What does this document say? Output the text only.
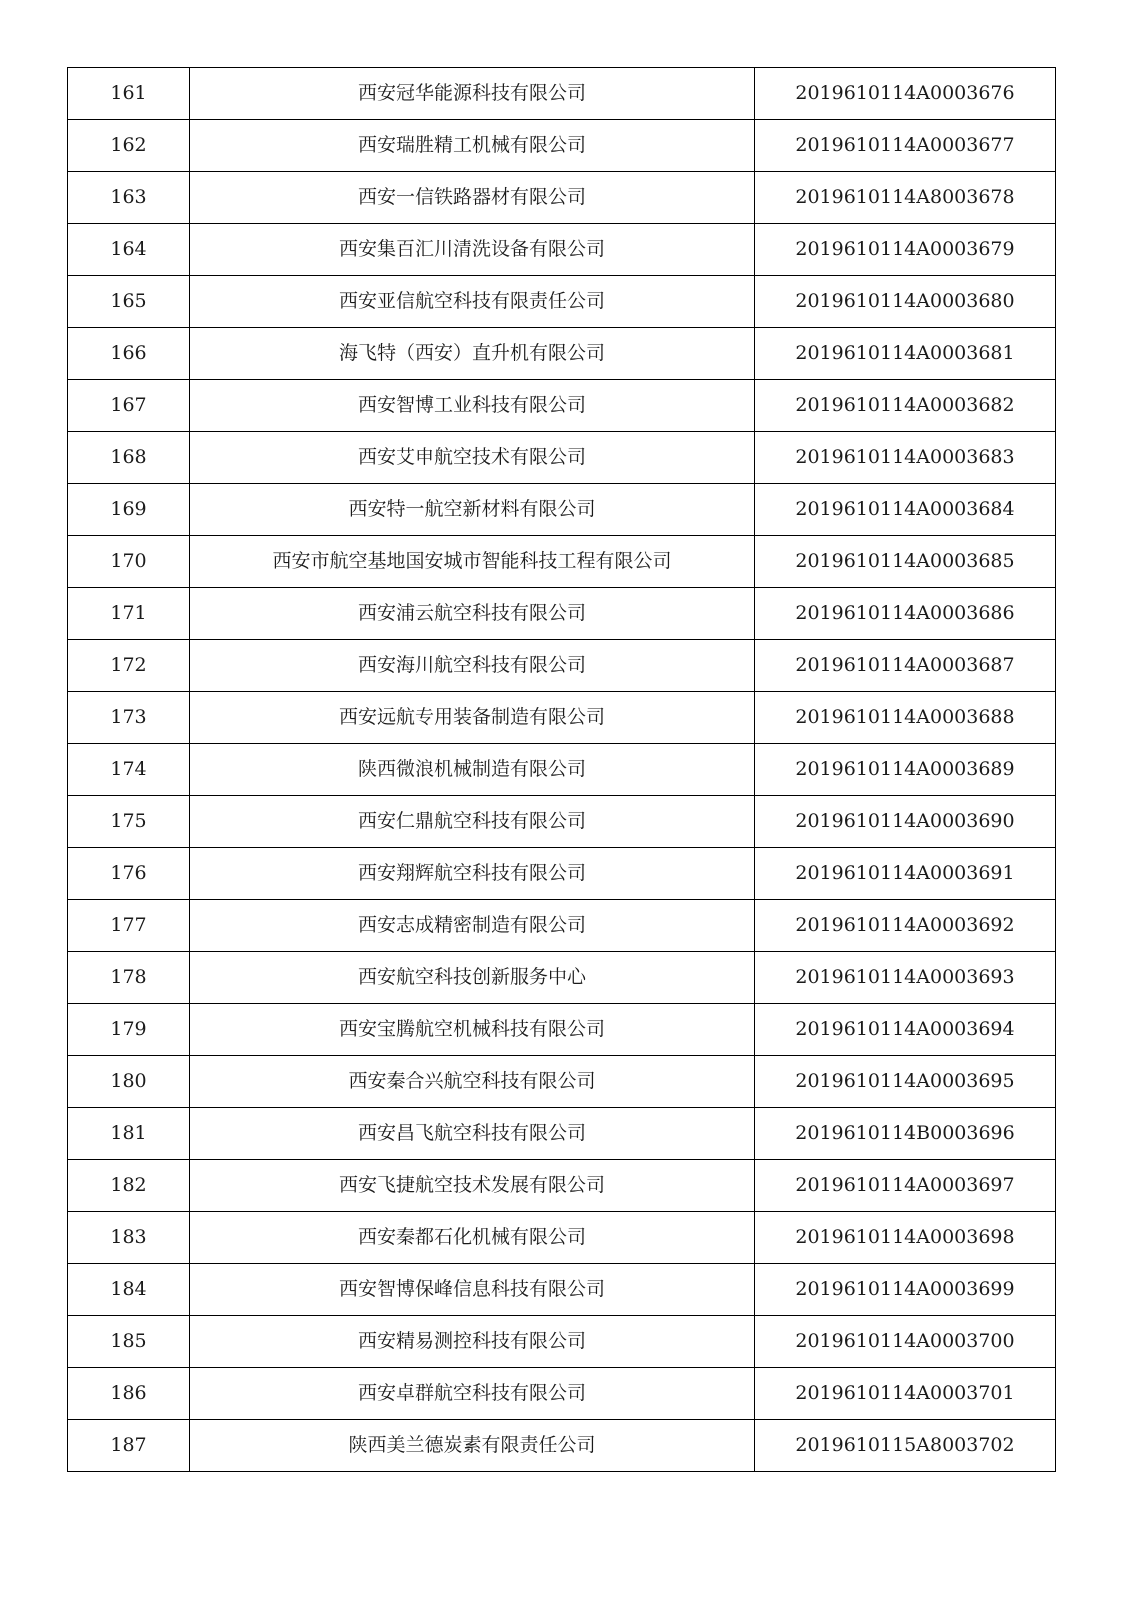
161	西安冠华能源科技有限公司	2019610114A0003676
162	西安瑞胜精工机械有限公司	2019610114A0003677
163	西安一信铁路器材有限公司	2019610114A8003678
164	西安集百汇川清洗设备有限公司	2019610114A0003679
165	西安亚信航空科技有限责任公司	2019610114A0003680
166	海飞特（西安）直升机有限公司	2019610114A0003681
167	西安智博工业科技有限公司	2019610114A0003682
168	西安艾申航空技术有限公司	2019610114A0003683
169	西安特一航空新材料有限公司	2019610114A0003684
170	西安市航空基地国安城市智能科技工程有限公司	2019610114A0003685
171	西安浦云航空科技有限公司	2019610114A0003686
172	西安海川航空科技有限公司	2019610114A0003687
173	西安远航专用装备制造有限公司	2019610114A0003688
174	陕西微浪机械制造有限公司	2019610114A0003689
175	西安仁鼎航空科技有限公司	2019610114A0003690
176	西安翔辉航空科技有限公司	2019610114A0003691
177	西安志成精密制造有限公司	2019610114A0003692
178	西安航空科技创新服务中心	2019610114A0003693
179	西安宝腾航空机械科技有限公司	2019610114A0003694
180	西安秦合兴航空科技有限公司	2019610114A0003695
181	西安昌飞航空科技有限公司	2019610114B0003696
182	西安飞捷航空技术发展有限公司	2019610114A0003697
183	西安秦都石化机械有限公司	2019610114A0003698
184	西安智博保峰信息科技有限公司	2019610114A0003699
185	西安精易测控科技有限公司	2019610114A0003700
186	西安卓群航空科技有限公司	2019610114A0003701
187	陕西美兰德炭素有限责任公司	2019610115A8003702
